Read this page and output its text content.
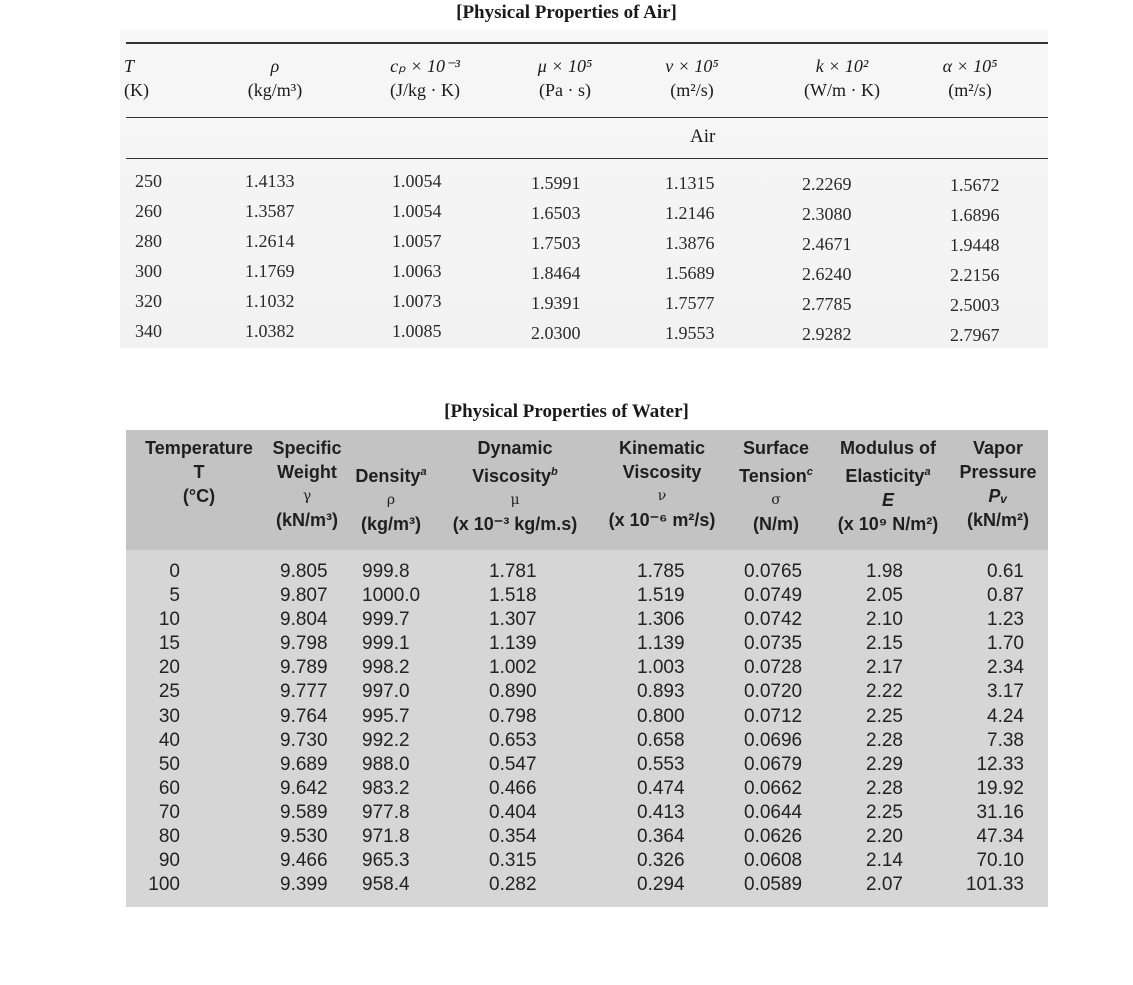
[Physical Properties of Air]
T
(K)
ρ
(kg/m³)
cₚ × 10⁻³
(J/kg · K)
μ × 10⁵
(Pa · s)
ν × 10⁵
(m²/s)
k × 10²
(W/m · K)
α × 10⁵
(m²/s)
Air
250
260
280
300
320
340
1.4133
1.3587
1.2614
1.1769
1.1032
1.0382
1.0054
1.0054
1.0057
1.0063
1.0073
1.0085
1.5991
1.6503
1.7503
1.8464
1.9391
2.0300
1.1315
1.2146
1.3876
1.5689
1.7577
1.9553
2.2269
2.3080
2.4671
2.6240
2.7785
2.9282
1.5672
1.6896
1.9448
2.2156
2.5003
2.7967
[Physical Properties of Water]
Temperature
T
(°C)
Specific
Weight
γ
(kN/m³)

Density$^a$
ρ
(kg/m³)
Dynamic
Viscosity$^b$
μ
(x 10⁻³ kg/m.s)
Kinematic
Viscosity
ν
(x 10⁻⁶ m²/s)
Surface
Tension$^c$
σ
(N/m)
Modulus of
Elasticity$^a$
E
(x 10⁹ N/m²)
Vapor
Pressure
Pᵥ
(kN/m²)
0
5
10
15
20
25
30
40
50
60
70
80
90
100
9.805
9.807
9.804
9.798
9.789
9.777
9.764
9.730
9.689
9.642
9.589
9.530
9.466
9.399
999.8
1000.0
999.7
999.1
998.2
997.0
995.7
992.2
988.0
983.2
977.8
971.8
965.3
958.4
1.781
1.518
1.307
1.139
1.002
0.890
0.798
0.653
0.547
0.466
0.404
0.354
0.315
0.282
1.785
1.519
1.306
1.139
1.003
0.893
0.800
0.658
0.553
0.474
0.413
0.364
0.326
0.294
0.0765
0.0749
0.0742
0.0735
0.0728
0.0720
0.0712
0.0696
0.0679
0.0662
0.0644
0.0626
0.0608
0.0589
1.98
2.05
2.10
2.15
2.17
2.22
2.25
2.28
2.29
2.28
2.25
2.20
2.14
2.07
0.61
0.87
1.23
1.70
2.34
3.17
4.24
7.38
12.33
19.92
31.16
47.34
70.10
101.33
